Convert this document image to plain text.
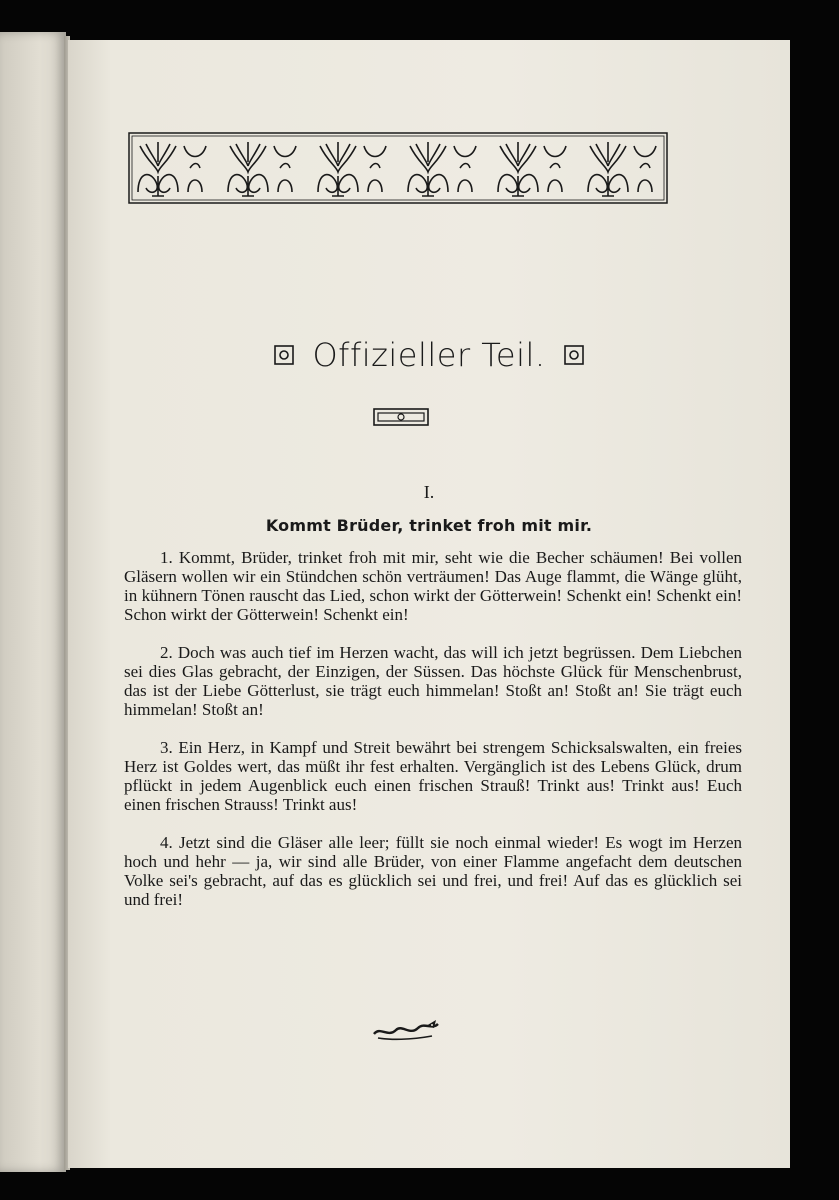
Offizieller Teil.
I.
Kommt Brüder, trinket froh mit mir.

1. Kommt, Brüder, trinket froh mit mir, seht wie die Becher schäumen! Bei vollen Gläsern wollen wir ein Stündchen schön verträumen! Das Auge flammt, die Wänge glüht, in kühnern Tönen rauscht das Lied, schon wirkt der Götterwein! Schenkt ein! Schenkt ein! Schon wirkt der Götterwein! Schenkt ein!

2. Doch was auch tief im Herzen wacht, das will ich jetzt begrüssen. Dem Liebchen sei dies Glas gebracht, der Einzigen, der Süssen. Das höchste Glück für Menschenbrust, das ist der Liebe Götterlust, sie trägt euch himmelan! Stoßt an! Stoßt an! Sie trägt euch himmelan! Stoßt an!

3. Ein Herz, in Kampf und Streit bewährt bei strengem Schicksalswalten, ein freies Herz ist Goldes wert, das müßt ihr fest erhalten. Vergänglich ist des Lebens Glück, drum pflückt in jedem Augenblick euch einen frischen Strauß! Trinkt aus! Trinkt aus! Euch einen frischen Strauss! Trinkt aus!

4. Jetzt sind die Gläser alle leer; füllt sie noch einmal wieder! Es wogt im Herzen hoch und hehr — ja, wir sind alle Brüder, von einer Flamme angefacht dem deutschen Volke sei's gebracht, auf das es glücklich sei und frei, und frei! Auf das es glücklich sei und frei!
